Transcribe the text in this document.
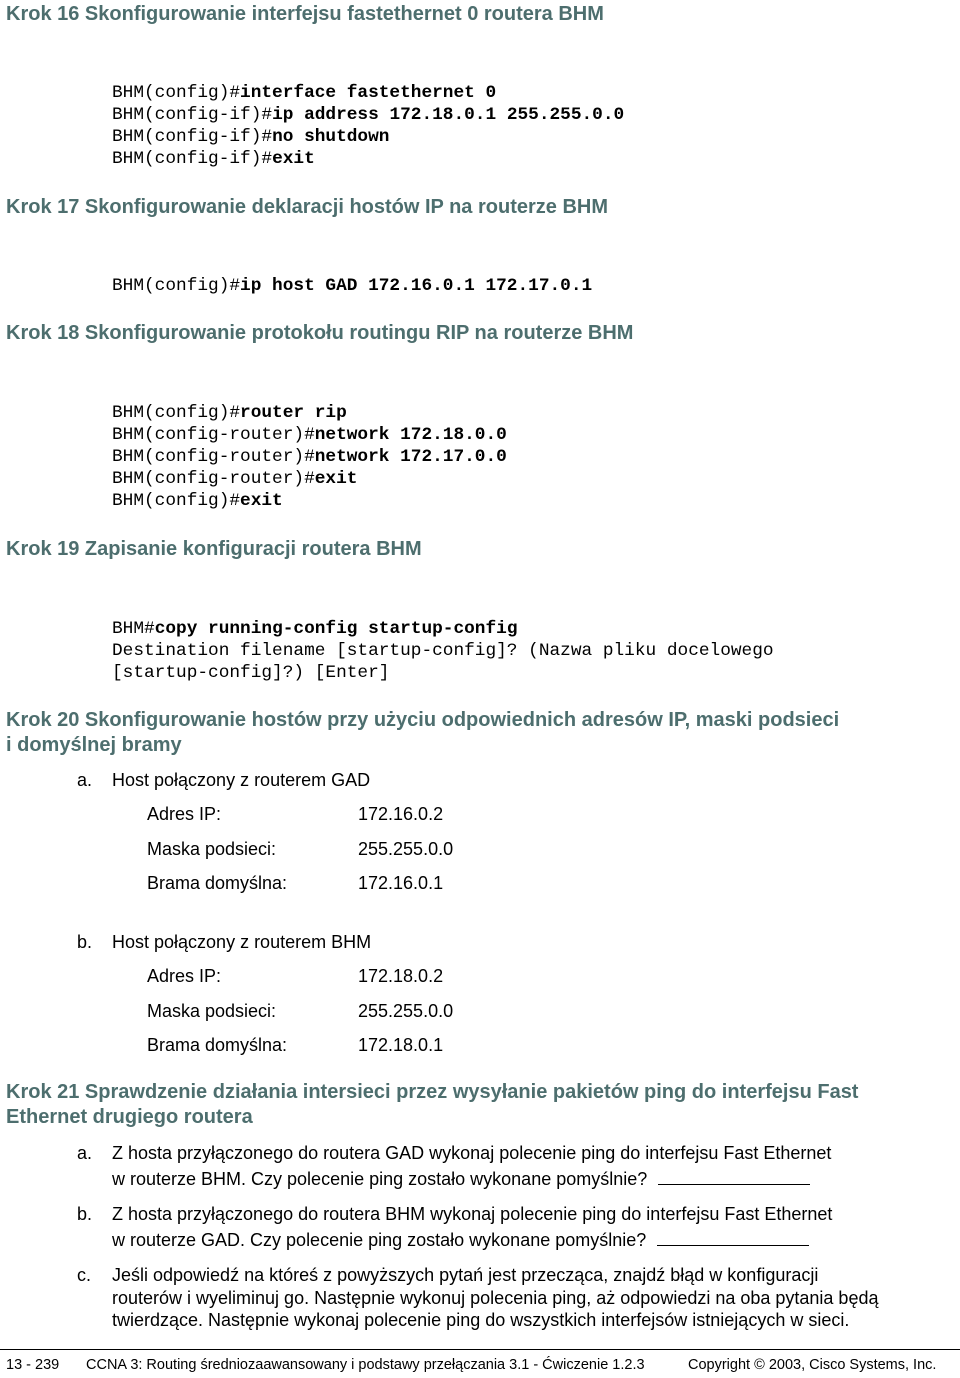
Krok 16 Skonfigurowanie interfejsu fastethernet 0 routera BHM

BHM(config)#interface fastethernet 0
BHM(config-if)#ip address 172.18.0.1 255.255.0.0
BHM(config-if)#no shutdown
BHM(config-if)#exit

Krok 17 Skonfigurowanie deklaracji hostów IP na routerze BHM

BHM(config)#ip host GAD 172.16.0.1 172.17.0.1

Krok 18 Skonfigurowanie protokołu routingu RIP na routerze BHM

BHM(config)#router rip
BHM(config-router)#network 172.18.0.0
BHM(config-router)#network 172.17.0.0
BHM(config-router)#exit
BHM(config)#exit

Krok 19 Zapisanie konfiguracji routera BHM

BHM#copy running-config startup-config
Destination filename [startup-config]? (Nazwa pliku docelowego
[startup-config]?) [Enter]

Krok 20 Skonfigurowanie hostów przy użyciu odpowiednich adresów IP, maski podsieci
i domyślnej bramy
a. Host połączony z routerem GAD
Adres IP:	172.16.0.2
Maska podsieci:	255.255.0.0
Brama domyślna:	172.16.0.1
b. Host połączony z routerem BHM
Adres IP:	172.18.0.2
Maska podsieci:	255.255.0.0
Brama domyślna:	172.18.0.1
Krok 21 Sprawdzenie działania intersieci przez wysyłanie pakietów ping do interfejsu Fast
Ethernet drugiego routera
a. Z hosta przyłączonego do routera GAD wykonaj polecenie ping do interfejsu Fast Ethernet
w routerze BHM. Czy polecenie ping zostało wykonane pomyślnie?
b. Z hosta przyłączonego do routera BHM wykonaj polecenie ping do interfejsu Fast Ethernet
w routerze GAD. Czy polecenie ping zostało wykonane pomyślnie?
c. Jeśli odpowiedź na któreś z powyższych pytań jest przecząca, znajdź błąd w konfiguracji
routerów i wyeliminuj go. Następnie wykonuj polecenia ping, aż odpowiedzi na oba pytania będą
twierdzące. Następnie wykonaj polecenie ping do wszystkich interfejsów istniejących w sieci.
13 - 239 CCNA 3: Routing średniozaawansowany i podstawy przełączania 3.1 - Ćwiczenie 1.2.3	Copyright © 2003, Cisco Systems, Inc.
